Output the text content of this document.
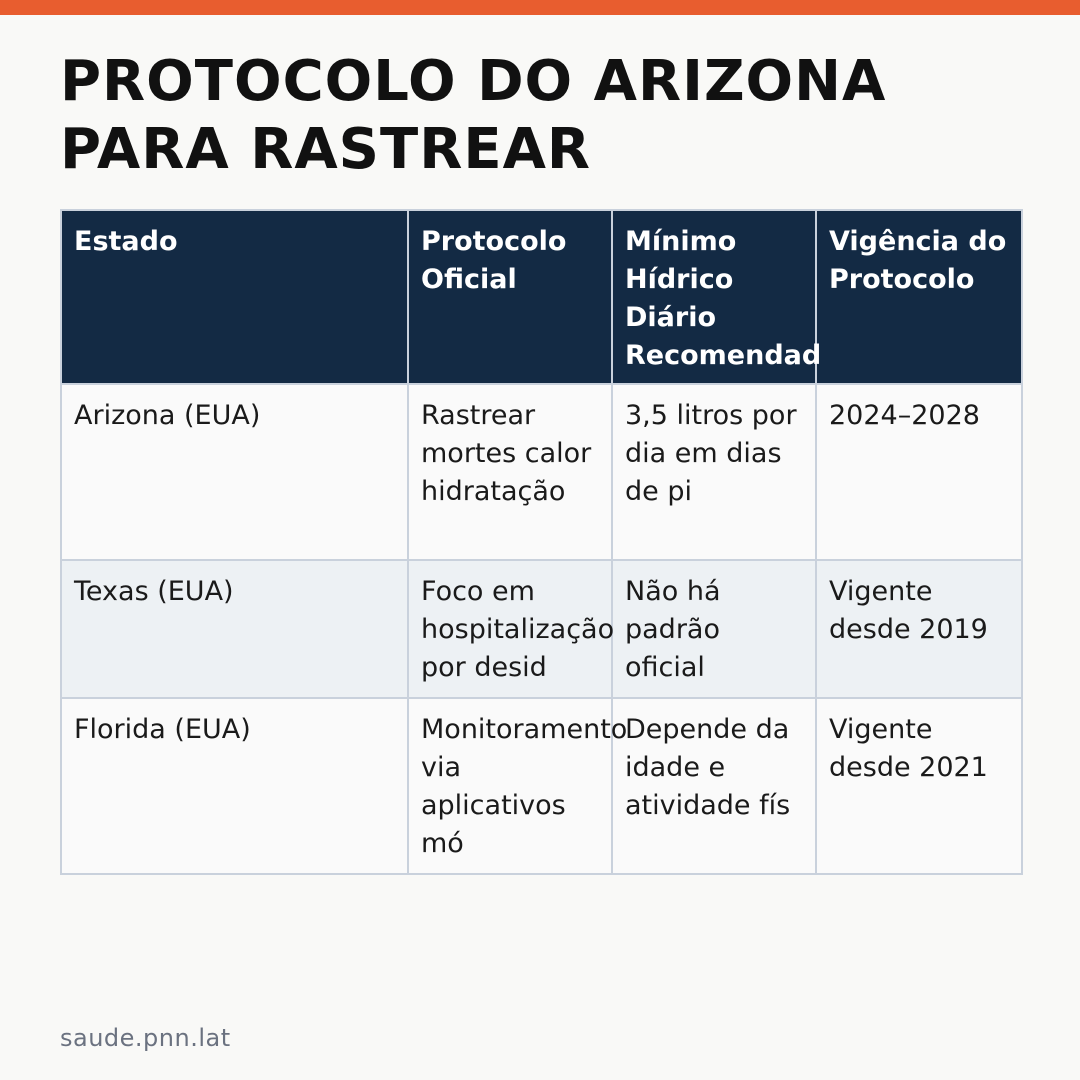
PROTOCOLO DO ARIZONA
PARA RASTREAR
Estado	Protocolo Oficial	Mínimo Hídrico Diário Recomendad	Vigência do Protocolo
Arizona (EUA)	Rastrear mortes calor hidratação	3,5 litros por dia em dias de pi	2024–2028
Texas (EUA)	Foco em hospitalização por desid	Não há padrão oficial	Vigente desde 2019
Florida (EUA)	Monitoramento via aplicativos mó	Depende da idade e atividade fís	Vigente desde 2021
saude.pnn.lat
